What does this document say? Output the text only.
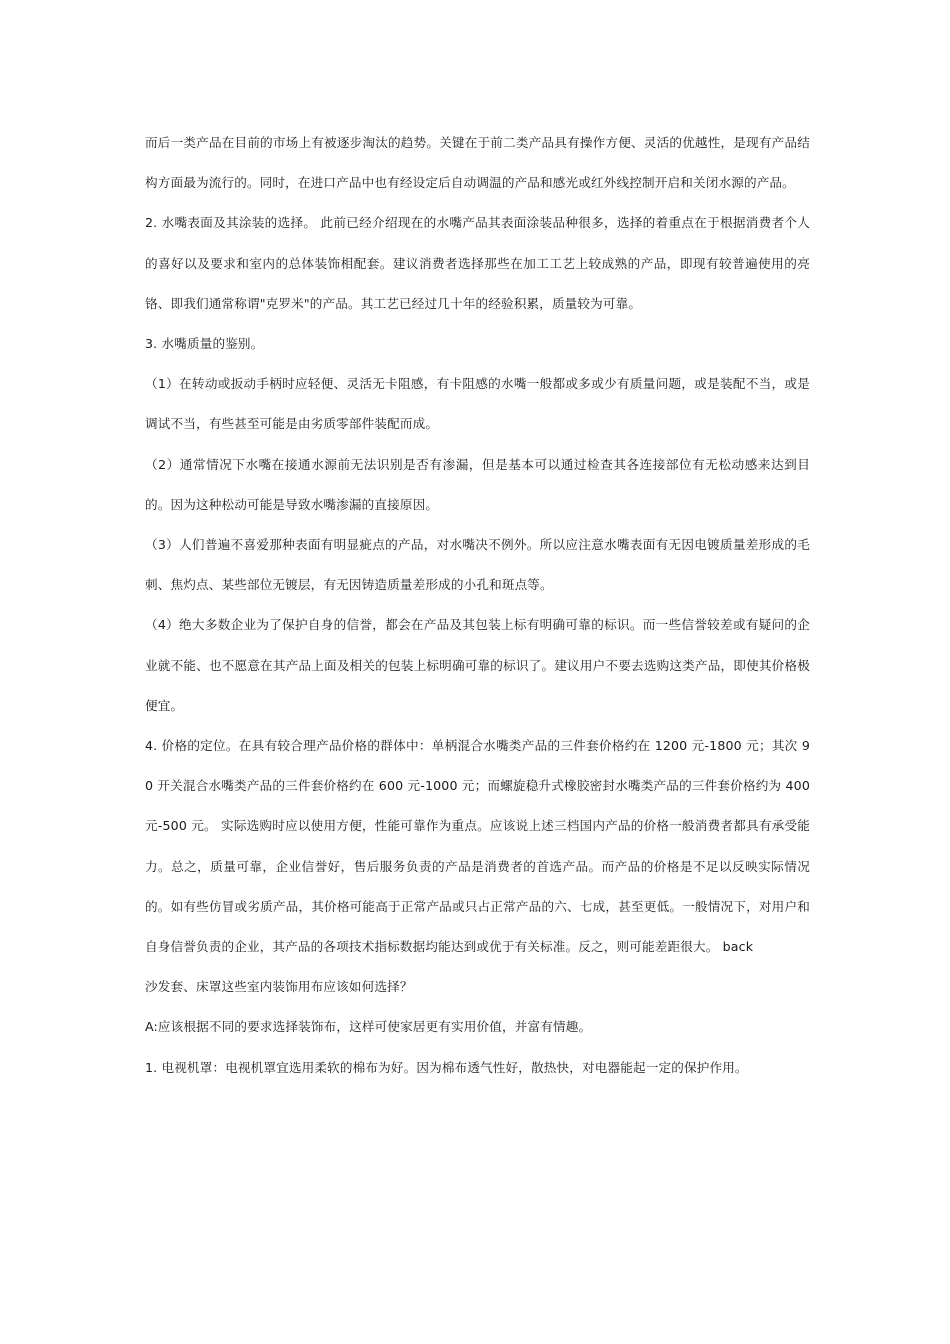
而后一类产品在目前的市场上有被逐步淘汰的趋势。关键在于前二类产品具有操作方便、灵活的优越性，是现有产品结构方面最为流行的。同时，在进口产品中也有经设定后自动调温的产品和感光或红外线控制开启和关闭水源的产品。

2. 水嘴表面及其涂装的选择。 此前已经介绍现在的水嘴产品其表面涂装品种很多，选择的着重点在于根据消费者个人的喜好以及要求和室内的总体装饰相配套。建议消费者选择那些在加工工艺上较成熟的产品，即现有较普遍使用的亮铬、即我们通常称谓"克罗米"的产品。其工艺已经过几十年的经验积累，质量较为可靠。

3. 水嘴质量的鉴别。

（1）在转动或扳动手柄时应轻便、灵活无卡阻感，有卡阻感的水嘴一般都或多或少有质量问题，或是装配不当，或是调试不当，有些甚至可能是由劣质零部件装配而成。

（2）通常情况下水嘴在接通水源前无法识别是否有渗漏，但是基本可以通过检查其各连接部位有无松动感来达到目的。因为这种松动可能是导致水嘴渗漏的直接原因。

（3）人们普遍不喜爱那种表面有明显疵点的产品，对水嘴决不例外。所以应注意水嘴表面有无因电镀质量差形成的毛刺、焦灼点、某些部位无镀层，有无因铸造质量差形成的小孔和斑点等。

（4）绝大多数企业为了保护自身的信誉，都会在产品及其包装上标有明确可靠的标识。而一些信誉较差或有疑问的企业就不能、也不愿意在其产品上面及相关的包装上标明确可靠的标识了。建议用户不要去选购这类产品，即使其价格极便宜。

4. 价格的定位。在具有较合理产品价格的群体中：单柄混合水嘴类产品的三件套价格约在 1200 元-1800 元；其次 90 开关混合水嘴类产品的三件套价格约在 600 元-1000 元；而螺旋稳升式橡胶密封水嘴类产品的三件套价格约为 400 元-500 元。 实际选购时应以使用方便，性能可靠作为重点。应该说上述三档国内产品的价格一般消费者都具有承受能力。总之，质量可靠，企业信誉好，售后服务负责的产品是消费者的首选产品。而产品的价格是不足以反映实际情况的。如有些仿冒或劣质产品，其价格可能高于正常产品或只占正常产品的六、七成，甚至更低。一般情况下，对用户和自身信誉负责的企业，其产品的各项技术指标数据均能达到或优于有关标准。反之，则可能差距很大。 back

沙发套、床罩这些室内装饰用布应该如何选择？

A:应该根据不同的要求选择装饰布，这样可使家居更有实用价值，并富有情趣。

1. 电视机罩：电视机罩宜选用柔软的棉布为好。因为棉布透气性好，散热快，对电器能起一定的保护作用。
